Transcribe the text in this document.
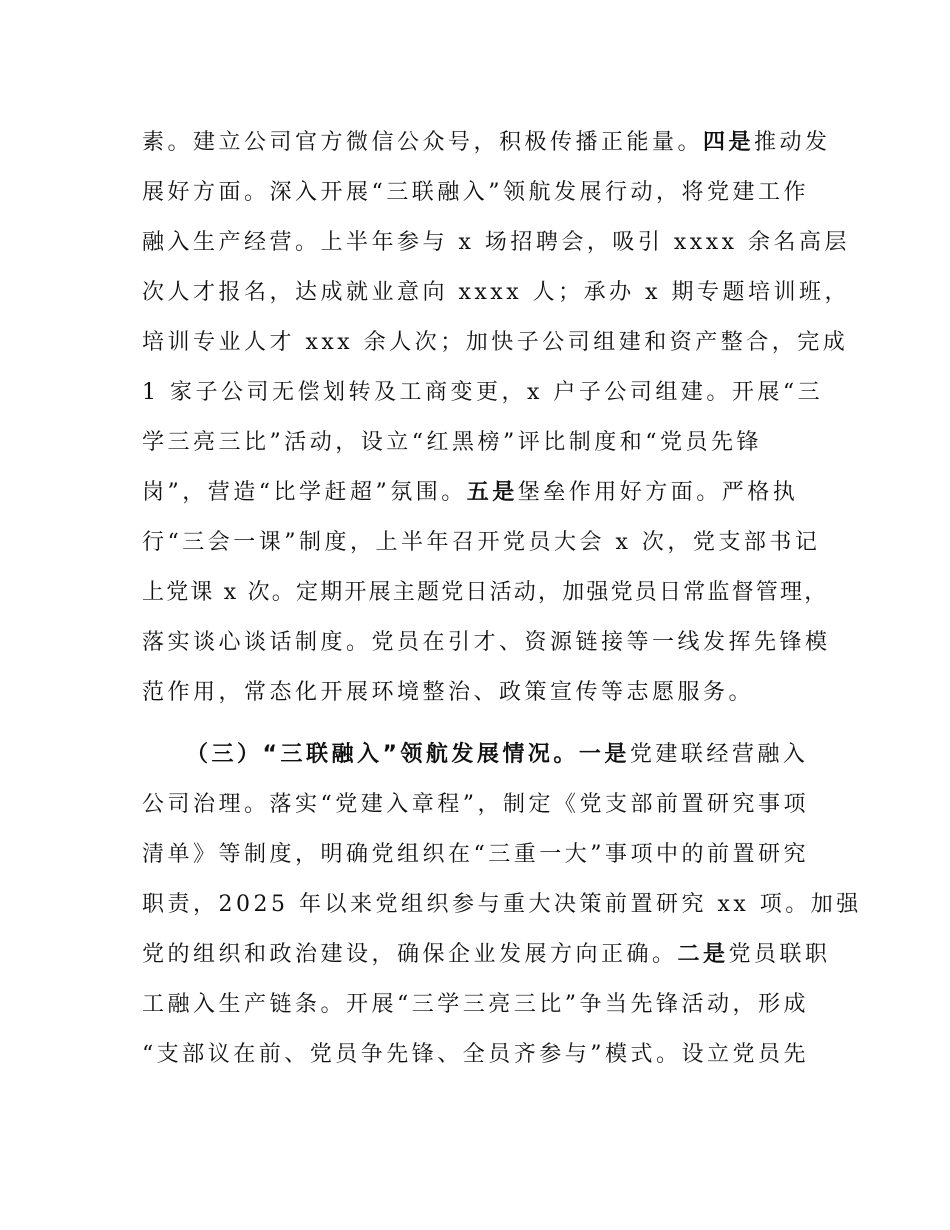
素。建立公司官方微信公众号，积极传播正能量。四是推动发
展好方面。深入开展“三联融入”领航发展行动，将党建工作
融入生产经营。上半年参与 x 场招聘会，吸引 xxxx 余名高层
次人才报名，达成就业意向 xxxx 人；承办 x 期专题培训班，
培训专业人才 xxx 余人次；加快子公司组建和资产整合，完成
1 家子公司无偿划转及工商变更，x 户子公司组建。开展“三
学三亮三比”活动，设立“红黑榜”评比制度和“党员先锋
岗”，营造“比学赶超”氛围。五是堡垒作用好方面。严格执
行“三会一课”制度，上半年召开党员大会 x 次，党支部书记
上党课 x 次。定期开展主题党日活动，加强党员日常监督管理，
落实谈心谈话制度。党员在引才、资源链接等一线发挥先锋模
范作用，常态化开展环境整治、政策宣传等志愿服务。
（三）“三联融入”领航发展情况。一是党建联经营融入
公司治理。落实“党建入章程”，制定《党支部前置研究事项
清单》等制度，明确党组织在“三重一大”事项中的前置研究
职责，2025 年以来党组织参与重大决策前置研究 xx 项。加强
党的组织和政治建设，确保企业发展方向正确。二是党员联职
工融入生产链条。开展“三学三亮三比”争当先锋活动，形成
“支部议在前、党员争先锋、全员齐参与”模式。设立党员先
